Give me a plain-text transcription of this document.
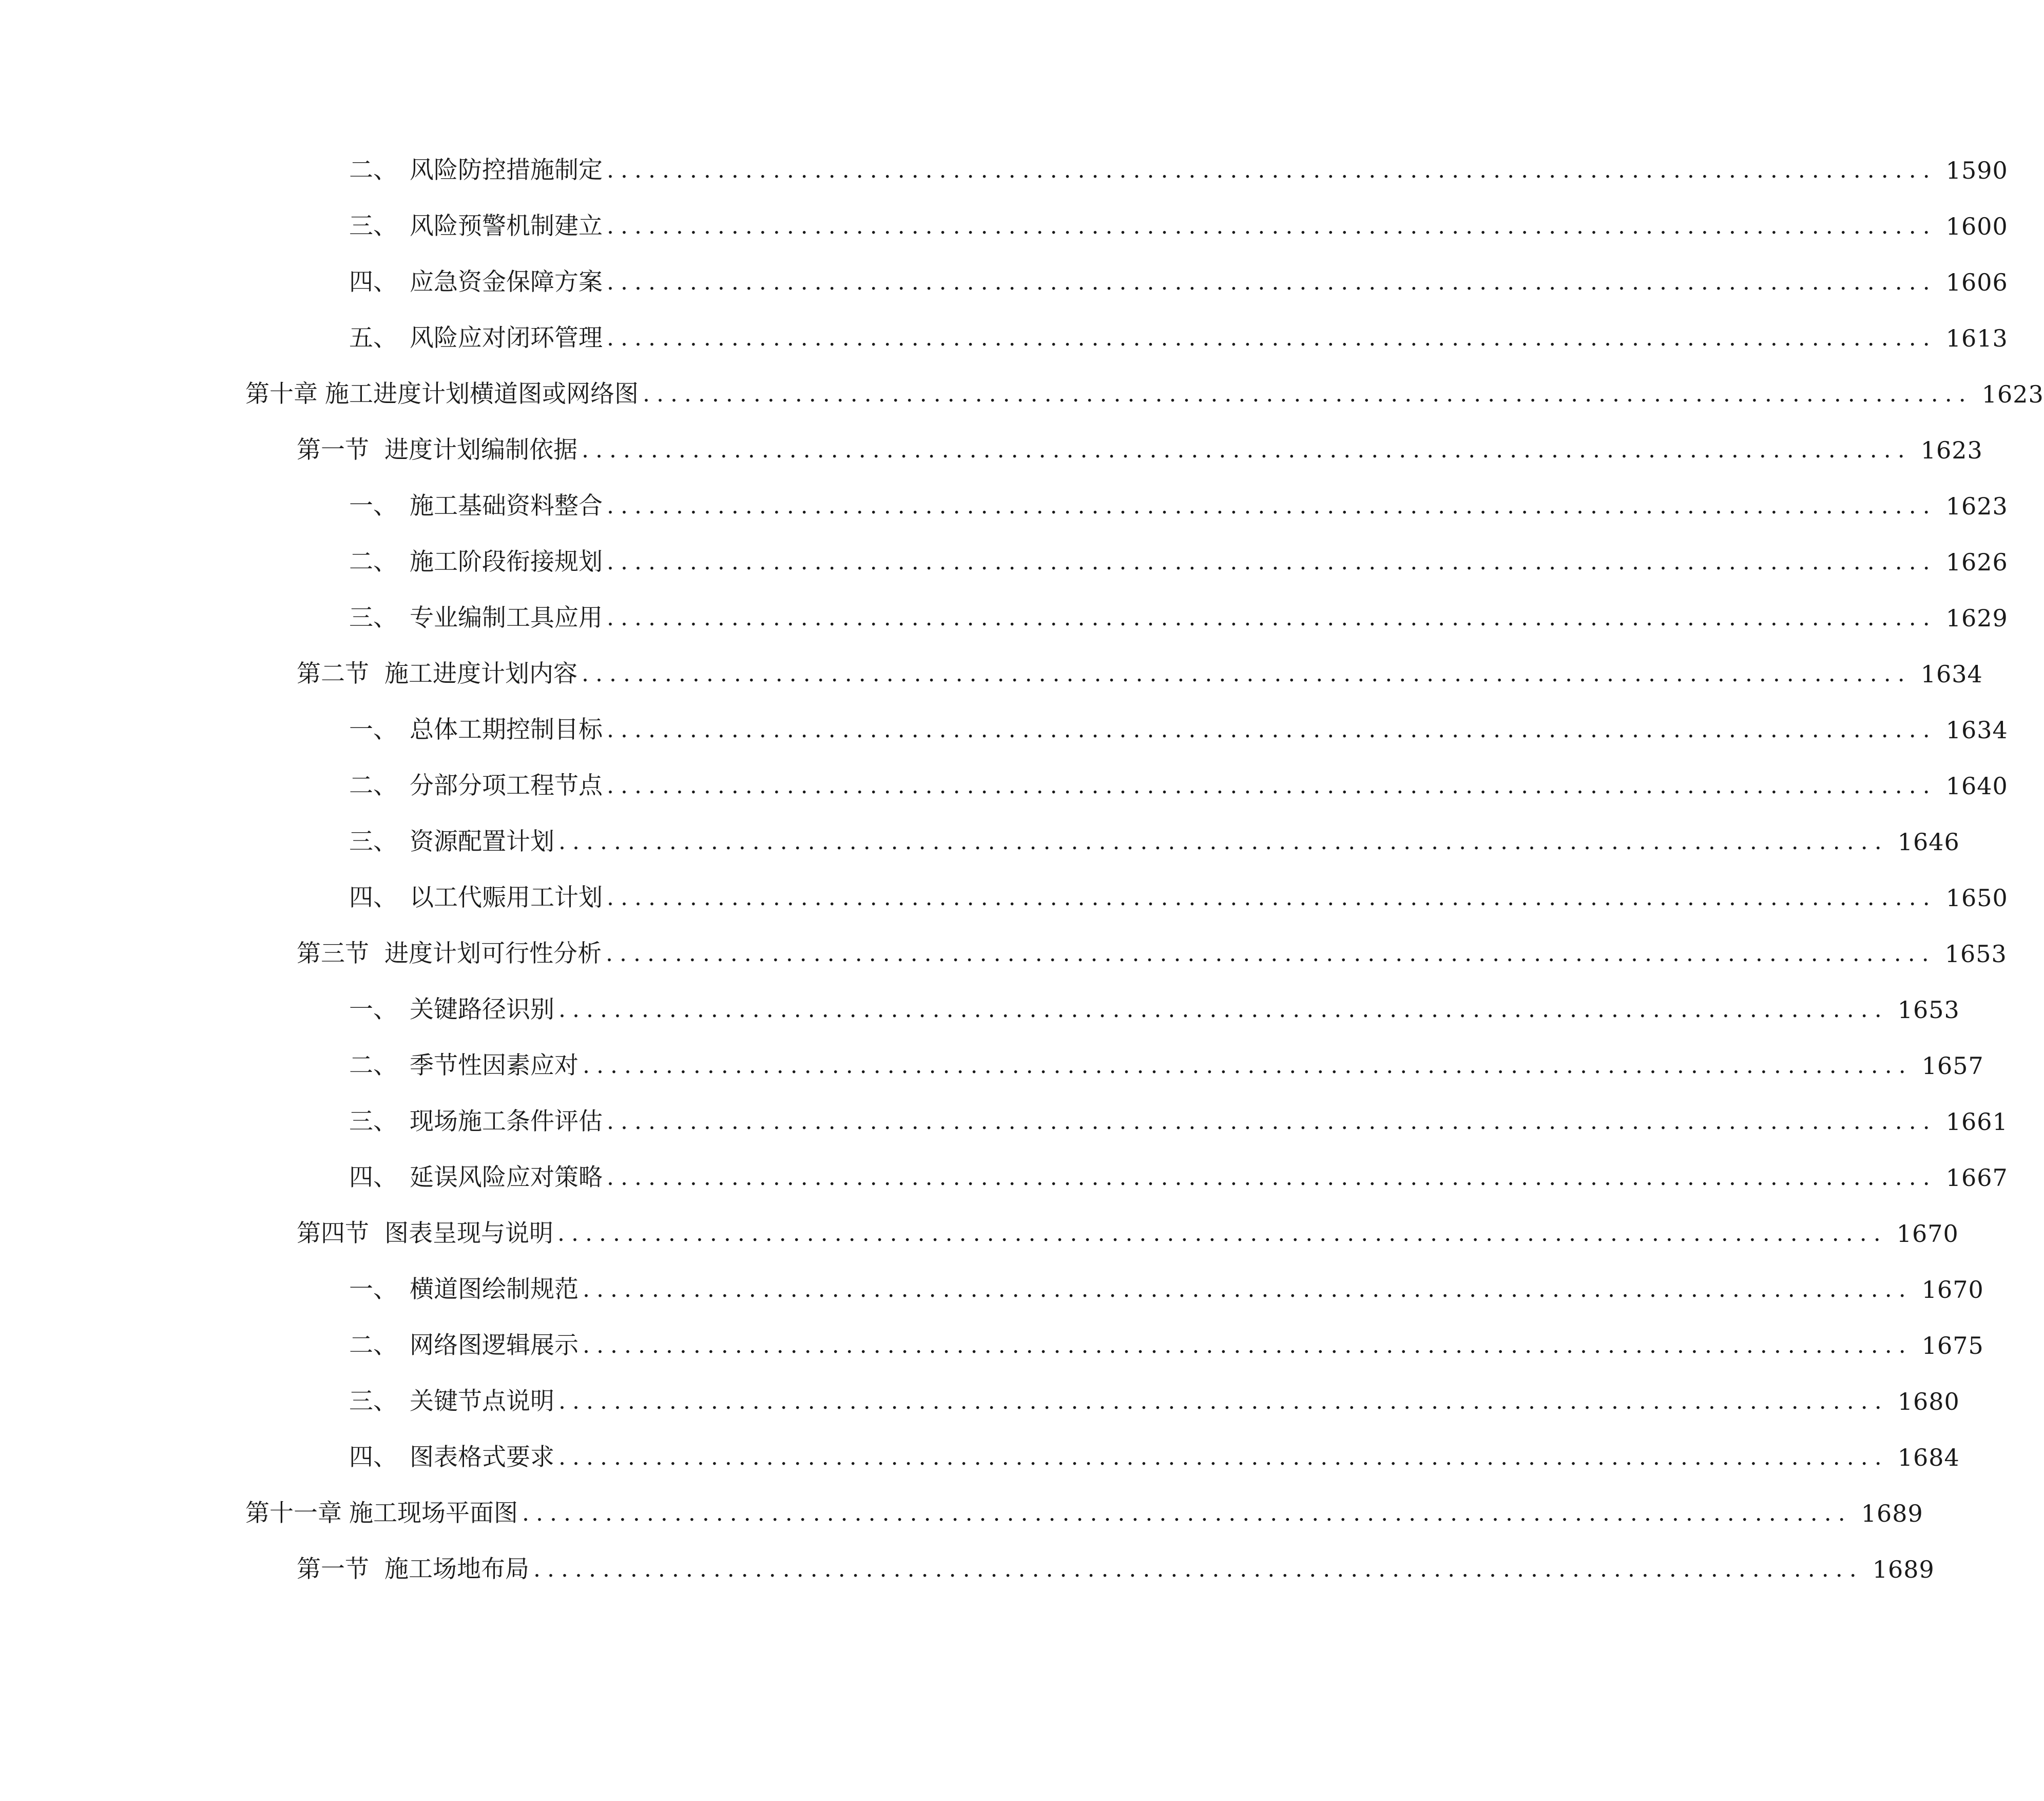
二、 风险防控措施制定 ................................................................................................ 1590
三、 风险预警机制建立 ................................................................................................ 1600
四、 应急资金保障方案 ................................................................................................ 1606
五、 风险应对闭环管理 ................................................................................................ 1613
第十章 施工进度计划横道图或网络图 ................................................................................................ 1623
第一节 进度计划编制依据 ................................................................................................ 1623
一、 施工基础资料整合 ................................................................................................ 1623
二、 施工阶段衔接规划 ................................................................................................ 1626
三、 专业编制工具应用 ................................................................................................ 1629
第二节 施工进度计划内容 ................................................................................................ 1634
一、 总体工期控制目标 ................................................................................................ 1634
二、 分部分项工程节点 ................................................................................................ 1640
三、 资源配置计划 ................................................................................................ 1646
四、 以工代赈用工计划 ................................................................................................ 1650
第三节 进度计划可行性分析 ................................................................................................ 1653
一、 关键路径识别 ................................................................................................ 1653
二、 季节性因素应对 ................................................................................................ 1657
三、 现场施工条件评估 ................................................................................................ 1661
四、 延误风险应对策略 ................................................................................................ 1667
第四节 图表呈现与说明 ................................................................................................ 1670
一、 横道图绘制规范 ................................................................................................ 1670
二、 网络图逻辑展示 ................................................................................................ 1675
三、 关键节点说明 ................................................................................................ 1680
四、 图表格式要求 ................................................................................................ 1684
第十一章 施工现场平面图 ................................................................................................ 1689
第一节 施工场地布局 ................................................................................................ 1689
